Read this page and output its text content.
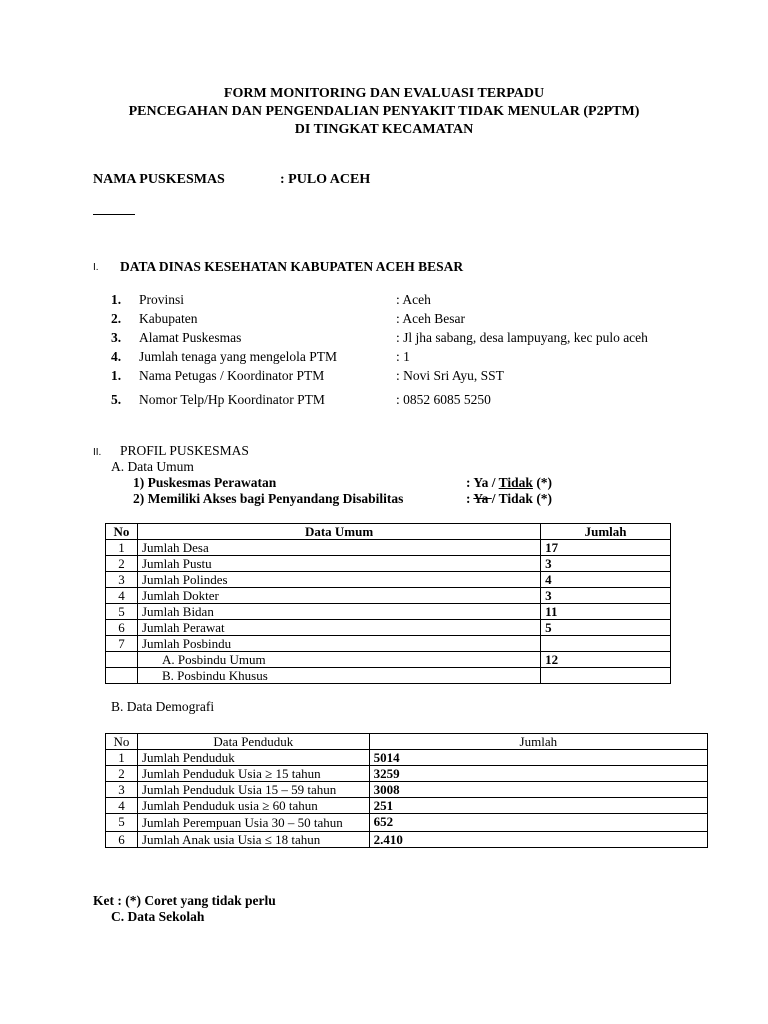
FORM MONITORING DAN EVALUASI TERPADU
PENCEGAHAN DAN PENGENDALIAN PENYAKIT TIDAK MENULAR (P2PTM)
DI TINGKAT KECAMATAN
NAMA PUSKESMAS	: PULO ACEH
I. DATA DINAS KESEHATAN KABUPATEN ACEH BESAR
1. Provinsi	: Aceh
2. Kabupaten	: Aceh Besar
3. Alamat Puskesmas	: Jl jha sabang, desa lampuyang, kec pulo aceh
4. Jumlah tenaga yang mengelola PTM	: 1
1. Nama Petugas / Koordinator PTM	: Novi Sri Ayu, SST
5. Nomor Telp/Hp Koordinator PTM	: 0852 6085 5250
II. PROFIL PUSKESMAS
A. Data Umum
1) Puskesmas Perawatan	: Ya / Tidak (*)
2) Memiliki Akses bagi Penyandang Disabilitas	: Ya / Tidak (*)
No	Data Umum	Jumlah
1	Jumlah Desa	17
2	Jumlah Pustu	3
3	Jumlah Polindes	4
4	Jumlah Dokter	3
5	Jumlah Bidan	11
6	Jumlah Perawat	5
7	Jumlah Posbindu	
	A. Posbindu Umum	12
	B. Posbindu Khusus	
B. Data Demografi
No	Data Penduduk	Jumlah
1	Jumlah Penduduk	5014
2	Jumlah Penduduk Usia ≥ 15 tahun	3259
3	Jumlah Penduduk Usia 15 – 59 tahun	3008
4	Jumlah Penduduk usia ≥ 60 tahun	251
5	Jumlah Perempuan Usia 30 – 50 tahun	652
6	Jumlah Anak usia Usia ≤ 18 tahun	2.410
Ket : (*) Coret yang tidak perlu
C. Data Sekolah
